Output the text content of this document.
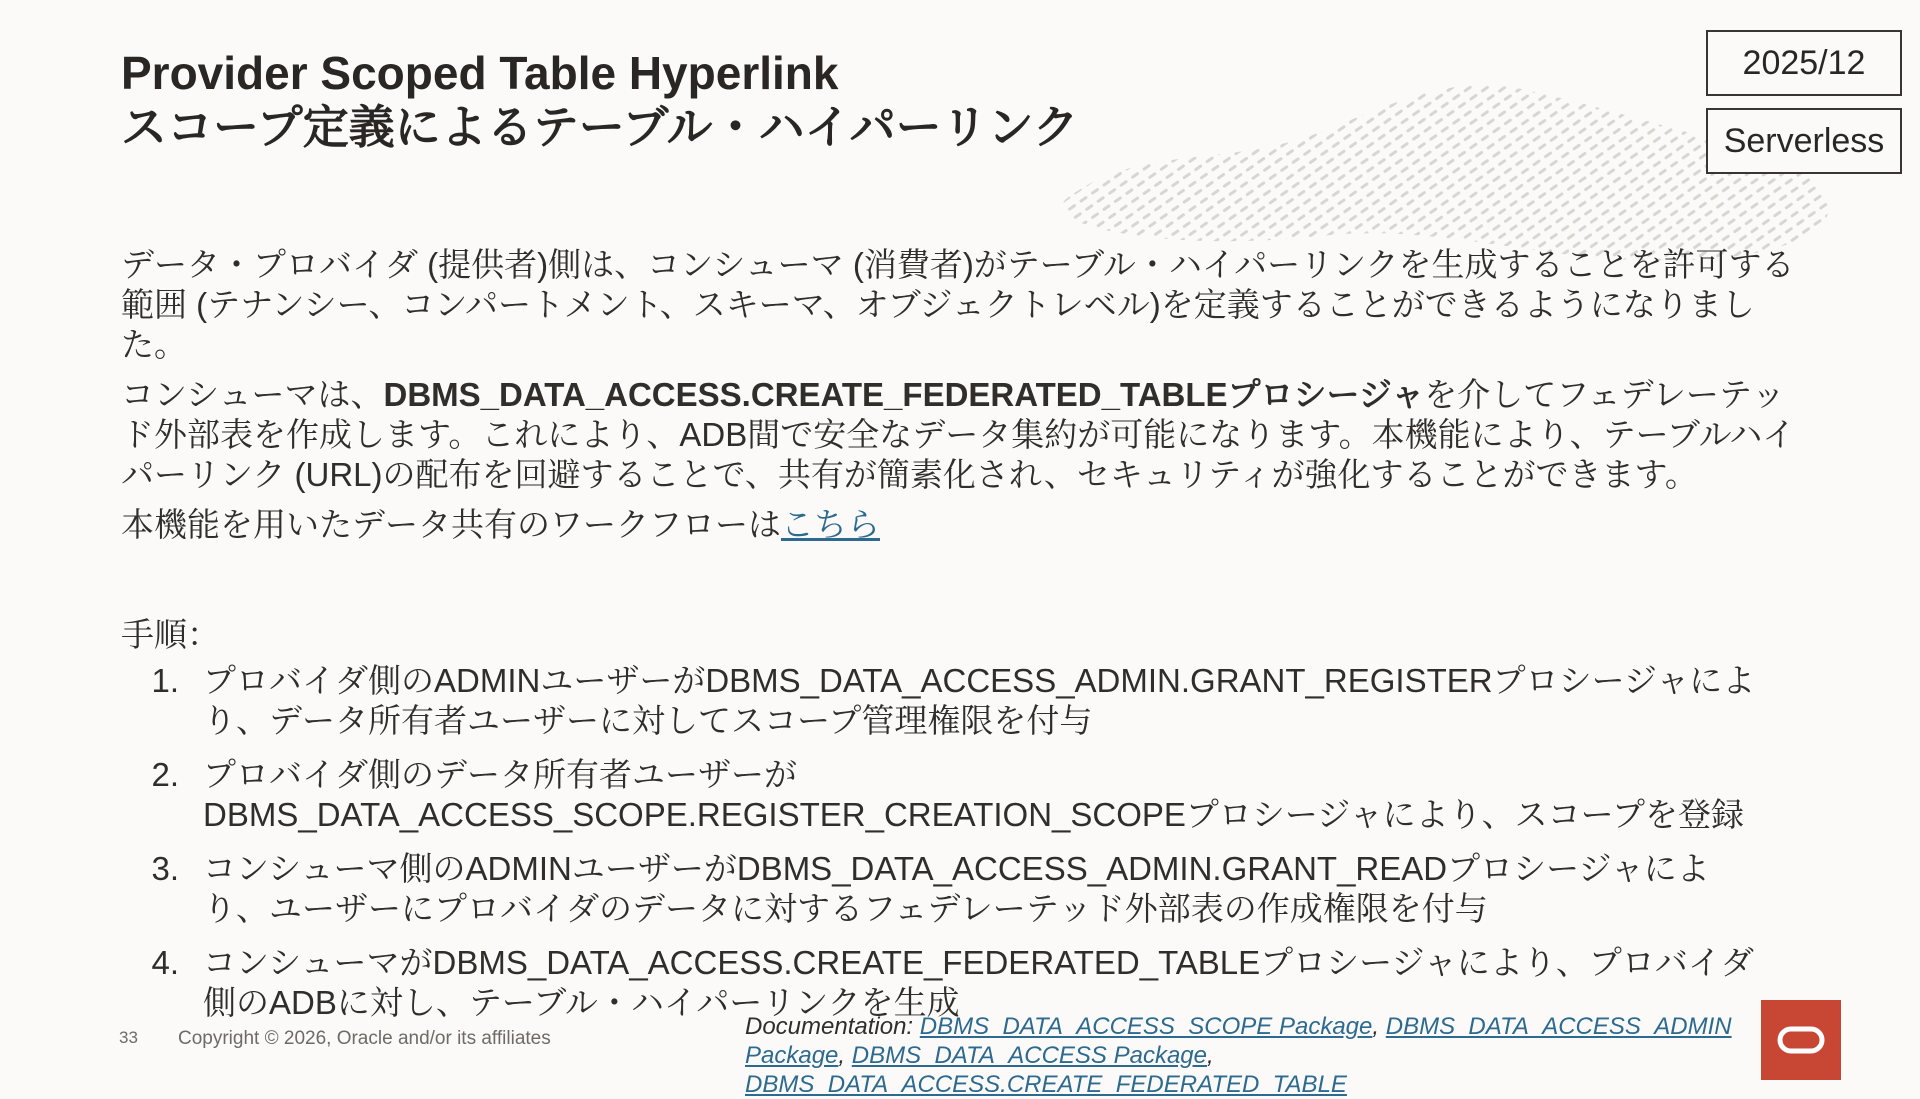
Provider Scoped Table Hyperlink
スコープ定義によるテーブル・ハイパーリンク
2025/12
Serverless

データ・プロバイダ (提供者)側は、コンシューマ (消費者)がテーブル・ハイパーリンクを生成することを許可する範囲 (テナンシー、コンパートメント、スキーマ、オブジェクトレベル)を定義することができるようになりました。

コンシューマは、DBMS_DATA_ACCESS.CREATE_FEDERATED_TABLEプロシージャを介してフェデレーテッド外部表を作成します。これにより、ADB間で安全なデータ集約が可能になります。本機能により、テーブルハイパーリンク (URL)の配布を回避することで、共有が簡素化され、セキュリティが強化することができます。

本機能を用いたデータ共有のワークフローはこちら

手順：
1. プロバイダ側のADMINユーザーがDBMS_DATA_ACCESS_ADMIN.GRANT_REGISTERプロシージャにより、データ所有者ユーザーに対してスコープ管理権限を付与
2. プロバイダ側のデータ所有者ユーザーがDBMS_DATA_ACCESS_SCOPE.REGISTER_CREATION_SCOPEプロシージャにより、スコープを登録
3. コンシューマ側のADMINユーザーがDBMS_DATA_ACCESS_ADMIN.GRANT_READプロシージャにより、ユーザーにプロバイダのデータに対するフェデレーテッド外部表の作成権限を付与
4. コンシューマがDBMS_DATA_ACCESS.CREATE_FEDERATED_TABLEプロシージャにより、プロバイダ側のADBに対し、テーブル・ハイパーリンクを生成
33 Copyright © 2026, Oracle and/or its affiliates	Documentation: DBMS_DATA_ACCESS_SCOPE Package, DBMS_DATA_ACCESS_ADMIN Package, DBMS_DATA_ACCESS Package, DBMS_DATA_ACCESS.CREATE_FEDERATED_TABLE
